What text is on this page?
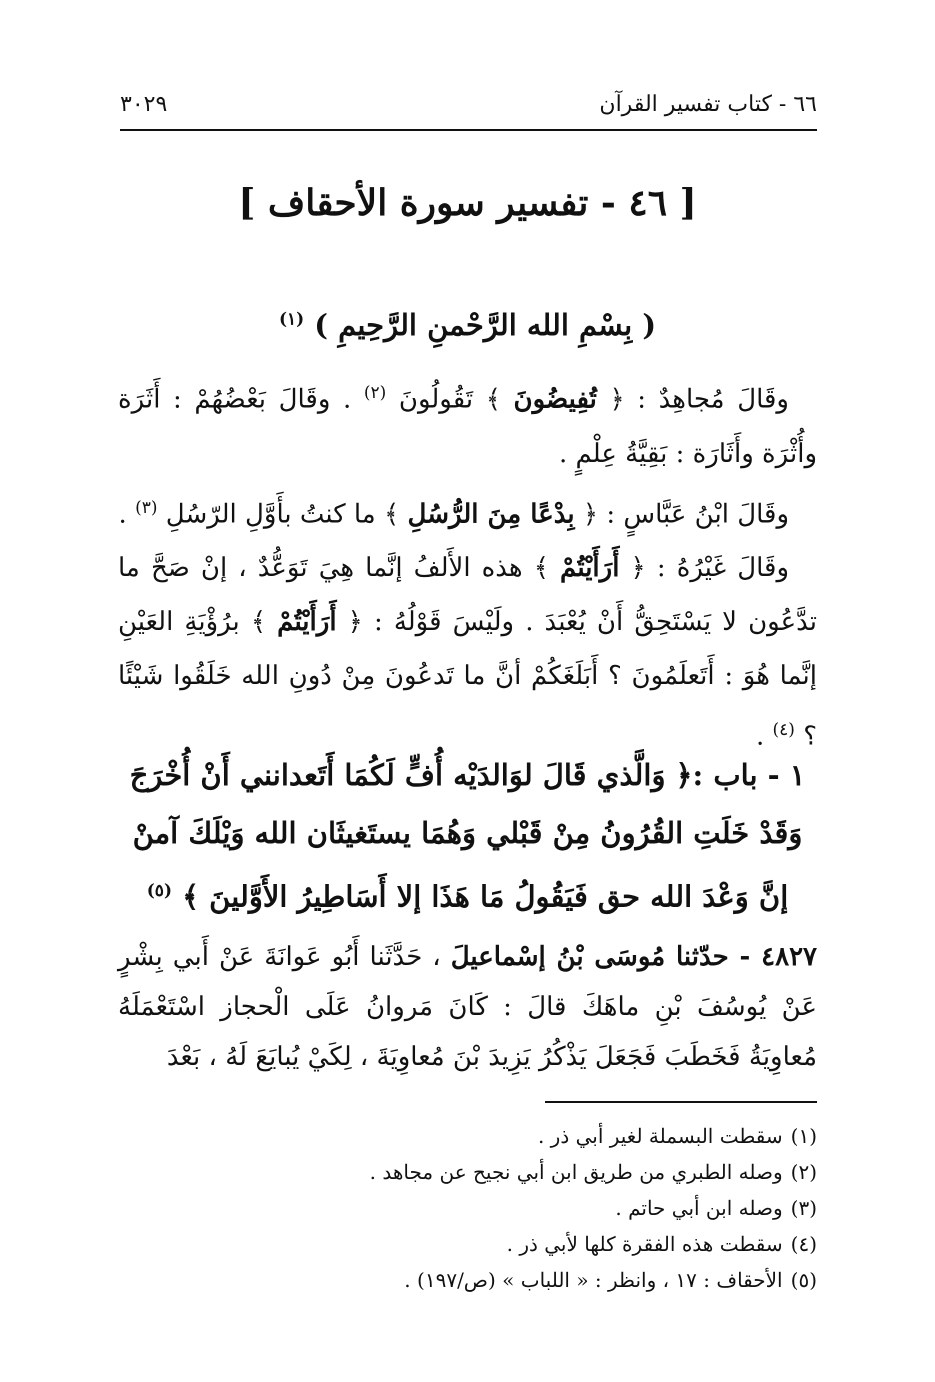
٦٦ - كتاب تفسير القرآن
٣٠٢٩
[ ٤٦ - تفسير سورة الأحقاف ]
( بِسْمِ الله الرَّحْمنِ الرَّحِيمِ ) $^{(١)}$

وقَالَ مُجاهِدٌ : ﴿ تُفِيضُونَ ﴾ تَقُولُونَ $^{(٢)}$ . وقَالَ بَعْضُهُمْ : أَثَرَة وأُثْرَة وأَثَارَة : بَقِيَّةُ عِلْمٍ .

وقَالَ ابْنُ عَبَّاسٍ : ﴿ بِدْعًا مِنَ الرُّسُلِ ﴾ ما كنتُ بأَوَّلِ الرّسُلِ $^{(٣)}$ .

وقَالَ غَيْرُهُ : ﴿ أَرَأَيْتُمْ ﴾ هذه الأَلفُ إنَّما هِيَ تَوَعُّدٌ ، إنْ صَحَّ ما تدَّعُون لا يَسْتَحِقُّ أَنْ يُعْبَدَ . ولَيْسَ قَوْلُهُ : ﴿ أَرَأَيْتُمْ ﴾ برُؤْيَةِ العَيْنِ إنَّما هُوَ : أَتَعلَمُونَ ؟ أَبَلَغَكُمْ أنَّ ما تَدعُونَ مِنْ دُونِ الله خَلَقُوا شَيْئًا ؟ $^{(٤)}$ .

١ - باب :﴿ وَالَّذي قَالَ لوَالدَيْه أُفٍّ لَكُمَا أَتَعدانني أَنْ أُخْرَجَ وَقَدْ خَلَتِ القُرُونُ مِنْ قَبْلي وَهُمَا يستَغيثَان الله وَيْلَكَ آمنْ إنَّ وَعْدَ الله حق فَيَقُولُ مَا هَذَا إلا أَسَاطِيرُ الأَوَّلينَ ﴾ $^{(٥)}$

٤٨٢٧ - حدّثنا مُوسَى بْنُ إسْماعيلَ ، حَدَّثَنا أَبُو عَوانَةَ عَنْ أَبي بِشْرٍ عَنْ يُوسُفَ بْنِ ماهَكَ قالَ : كَانَ مَروانُ عَلَى الْحجاز اسْتَعْمَلَهُ مُعاوِيَةُ فَخَطَبَ فَجَعَلَ يَذْكُرُ يَزِيدَ بْنَ مُعاوِيَةَ ، لِكَيْ يُبايَعَ لَهُ ، بَعْدَ

(١)
سقطت البسملة لغير أبي ذر .
(٢)
وصله الطبري من طريق ابن أبي نجيح عن مجاهد .
(٣)
وصله ابن أبي حاتم .
(٤)
سقطت هذه الفقرة كلها لأبي ذر .
(٥)
الأحقاف : ١٧ ، وانظر : « اللباب » (ص/١٩٧) .
